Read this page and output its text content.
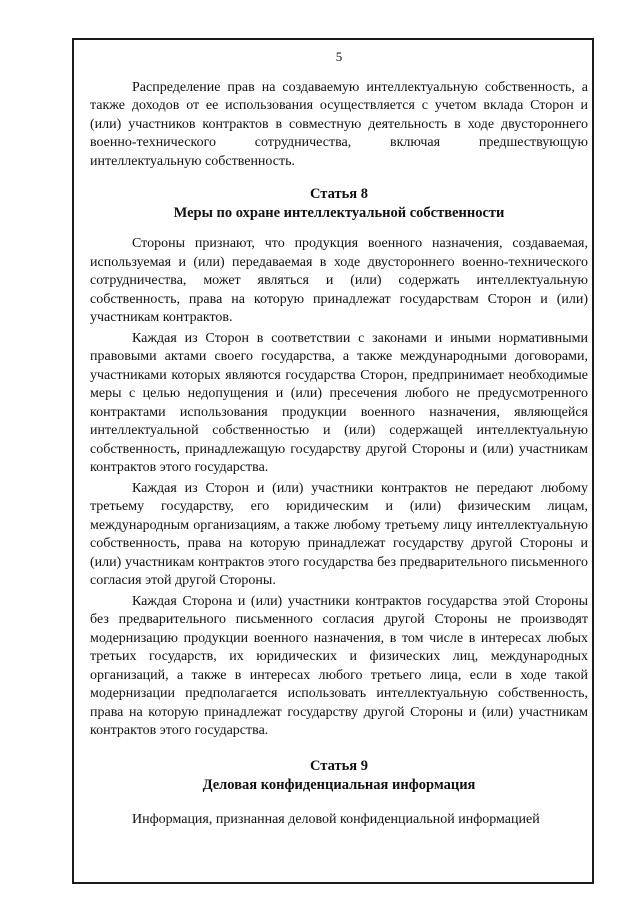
5

Распределение прав на создаваемую интеллектуальную собственность, а также доходов от ее использования осуществляется с учетом вклада Сторон и (или) участников контрактов в совместную деятельность в ходе двустороннего военно-технического сотрудничества, включая предшествующую интеллектуальную собственность.

Статья 8
Меры по охране интеллектуальной собственности

Стороны признают, что продукция военного назначения, создаваемая, используемая и (или) передаваемая в ходе двустороннего военно-технического сотрудничества, может являться и (или) содержать интеллектуальную собственность, права на которую принадлежат государствам Сторон и (или) участникам контрактов.

Каждая из Сторон в соответствии с законами и иными нормативными правовыми актами своего государства, а также международными договорами, участниками которых являются государства Сторон, предпринимает необходимые меры с целью недопущения и (или) пресечения любого не предусмотренного контрактами использования продукции военного назначения, являющейся интеллектуальной собственностью и (или) содержащей интеллектуальную собственность, принадлежащую государству другой Стороны и (или) участникам контрактов этого государства.

Каждая из Сторон и (или) участники контрактов не передают любому третьему государству, его юридическим и (или) физическим лицам, международным организациям, а также любому третьему лицу интеллектуальную собственность, права на которую принадлежат государству другой Стороны и (или) участникам контрактов этого государства без предварительного письменного согласия этой другой Стороны.

Каждая Сторона и (или) участники контрактов государства этой Стороны без предварительного письменного согласия другой Стороны не производят модернизацию продукции военного назначения, в том числе в интересах любых третьих государств, их юридических и физических лиц, международных организаций, а также в интересах любого третьего лица, если в ходе такой модернизации предполагается использовать интеллектуальную собственность, права на которую принадлежат государству другой Стороны и (или) участникам контрактов этого государства.

Статья 9
Деловая конфиденциальная информация

Информация, признанная деловой конфиденциальной информацией
